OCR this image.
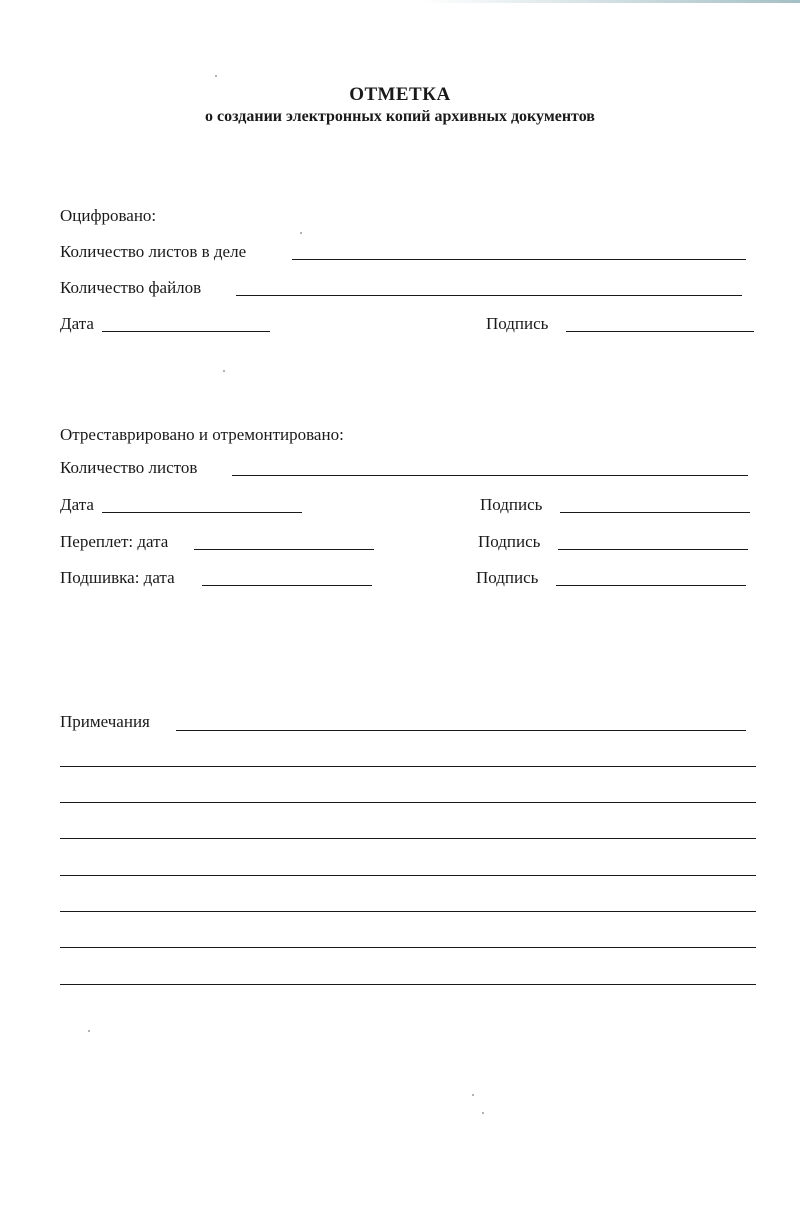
ОТМЕТКА
о создании электронных копий архивных документов
Оцифровано:
Количество листов в деле
Количество файлов
Дата	Подпись
Отреставрировано и отремонтировано:
Количество листов
Дата	Подпись
Переплет: дата	Подпись
Подшивка: дата	Подпись
Примечания
